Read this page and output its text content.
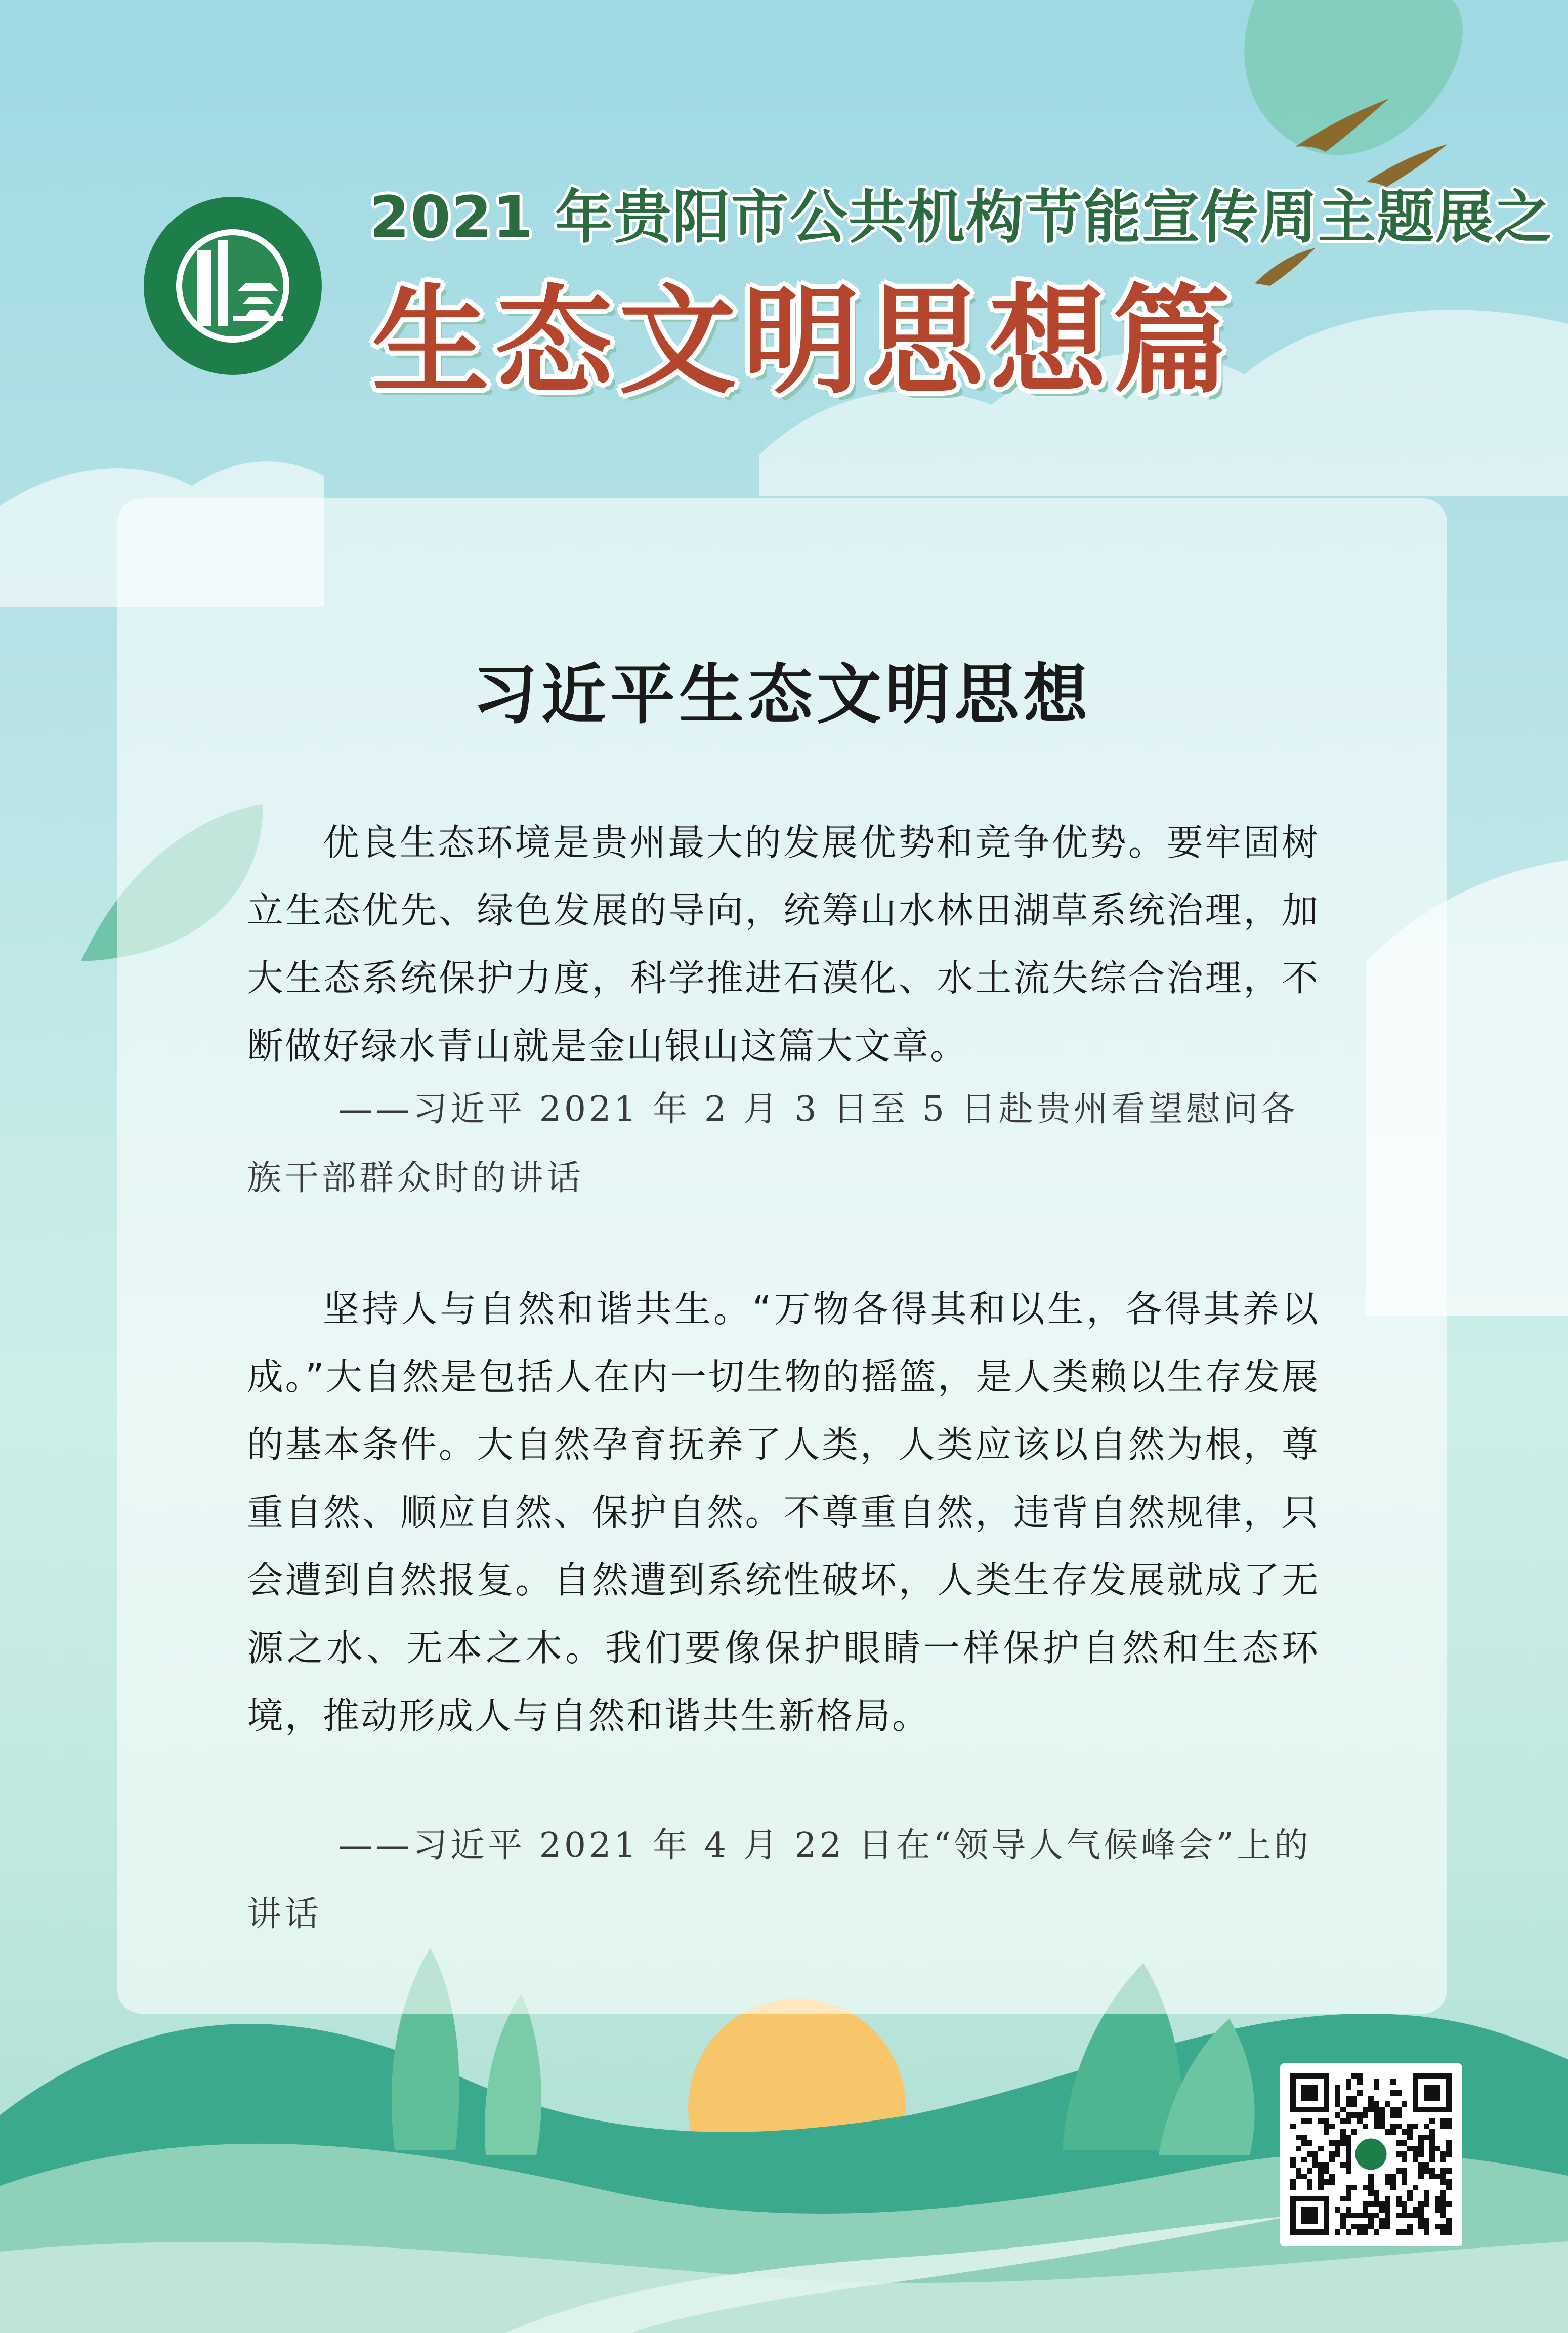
2021 年贵阳市公共机构节能宣传周主题展之
生态文明思想篇
习近平生态文明思想

优良生态环境是贵州最大的发展优势和竞争优势。要牢固树立生态优先、绿色发展的导向，统筹山水林田湖草系统治理，加大生态系统保护力度，科学推进石漠化、水土流失综合治理，不断做好绿水青山就是金山银山这篇大文章。

——习近平 2021 年 2 月 3 日至 5 日赴贵州看望慰问各族干部群众时的讲话

坚持人与自然和谐共生。“万物各得其和以生，各得其养以成。”大自然是包括人在内一切生物的摇篮，是人类赖以生存发展的基本条件。大自然孕育抚养了人类，人类应该以自然为根，尊重自然、顺应自然、保护自然。不尊重自然，违背自然规律，只会遭到自然报复。自然遭到系统性破坏，人类生存发展就成了无源之水、无本之木。我们要像保护眼睛一样保护自然和生态环境，推动形成人与自然和谐共生新格局。

——习近平 2021 年 4 月 22 日在“领导人气候峰会”上的讲话
